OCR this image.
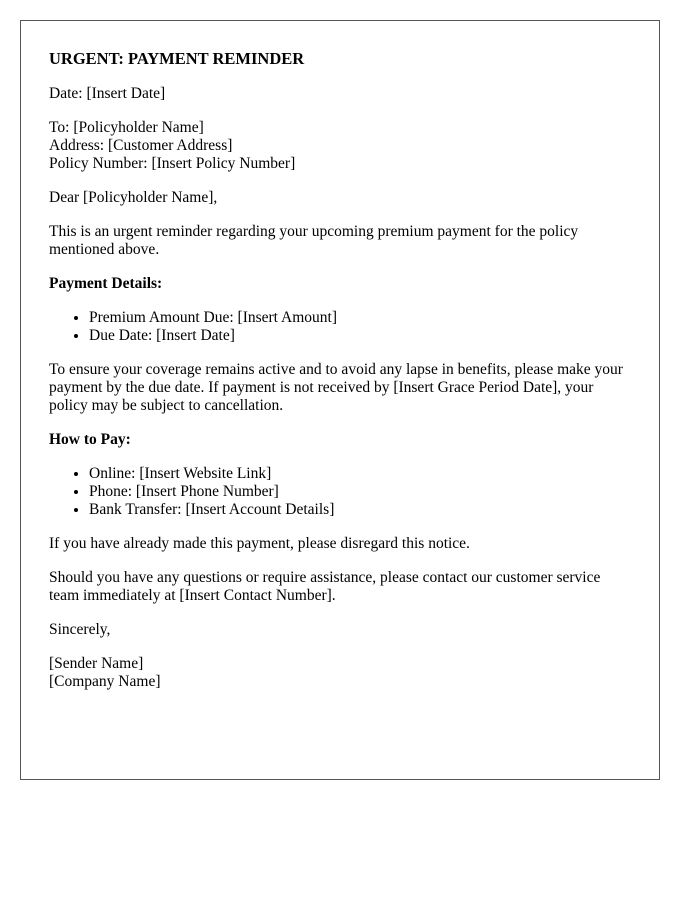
URGENT: PAYMENT REMINDER

Date: [Insert Date]

To: [Policyholder Name]
Address: [Customer Address]
Policy Number: [Insert Policy Number]

Dear [Policyholder Name],

This is an urgent reminder regarding your upcoming premium payment for the policy mentioned above.

Payment Details:
• Premium Amount Due: [Insert Amount]
• Due Date: [Insert Date]

To ensure your coverage remains active and to avoid any lapse in benefits, please make your payment by the due date. If payment is not received by [Insert Grace Period Date], your policy may be subject to cancellation.

How to Pay:
• Online: [Insert Website Link]
• Phone: [Insert Phone Number]
• Bank Transfer: [Insert Account Details]

If you have already made this payment, please disregard this notice.

Should you have any questions or require assistance, please contact our customer service team immediately at [Insert Contact Number].

Sincerely,

[Sender Name]
[Company Name]
